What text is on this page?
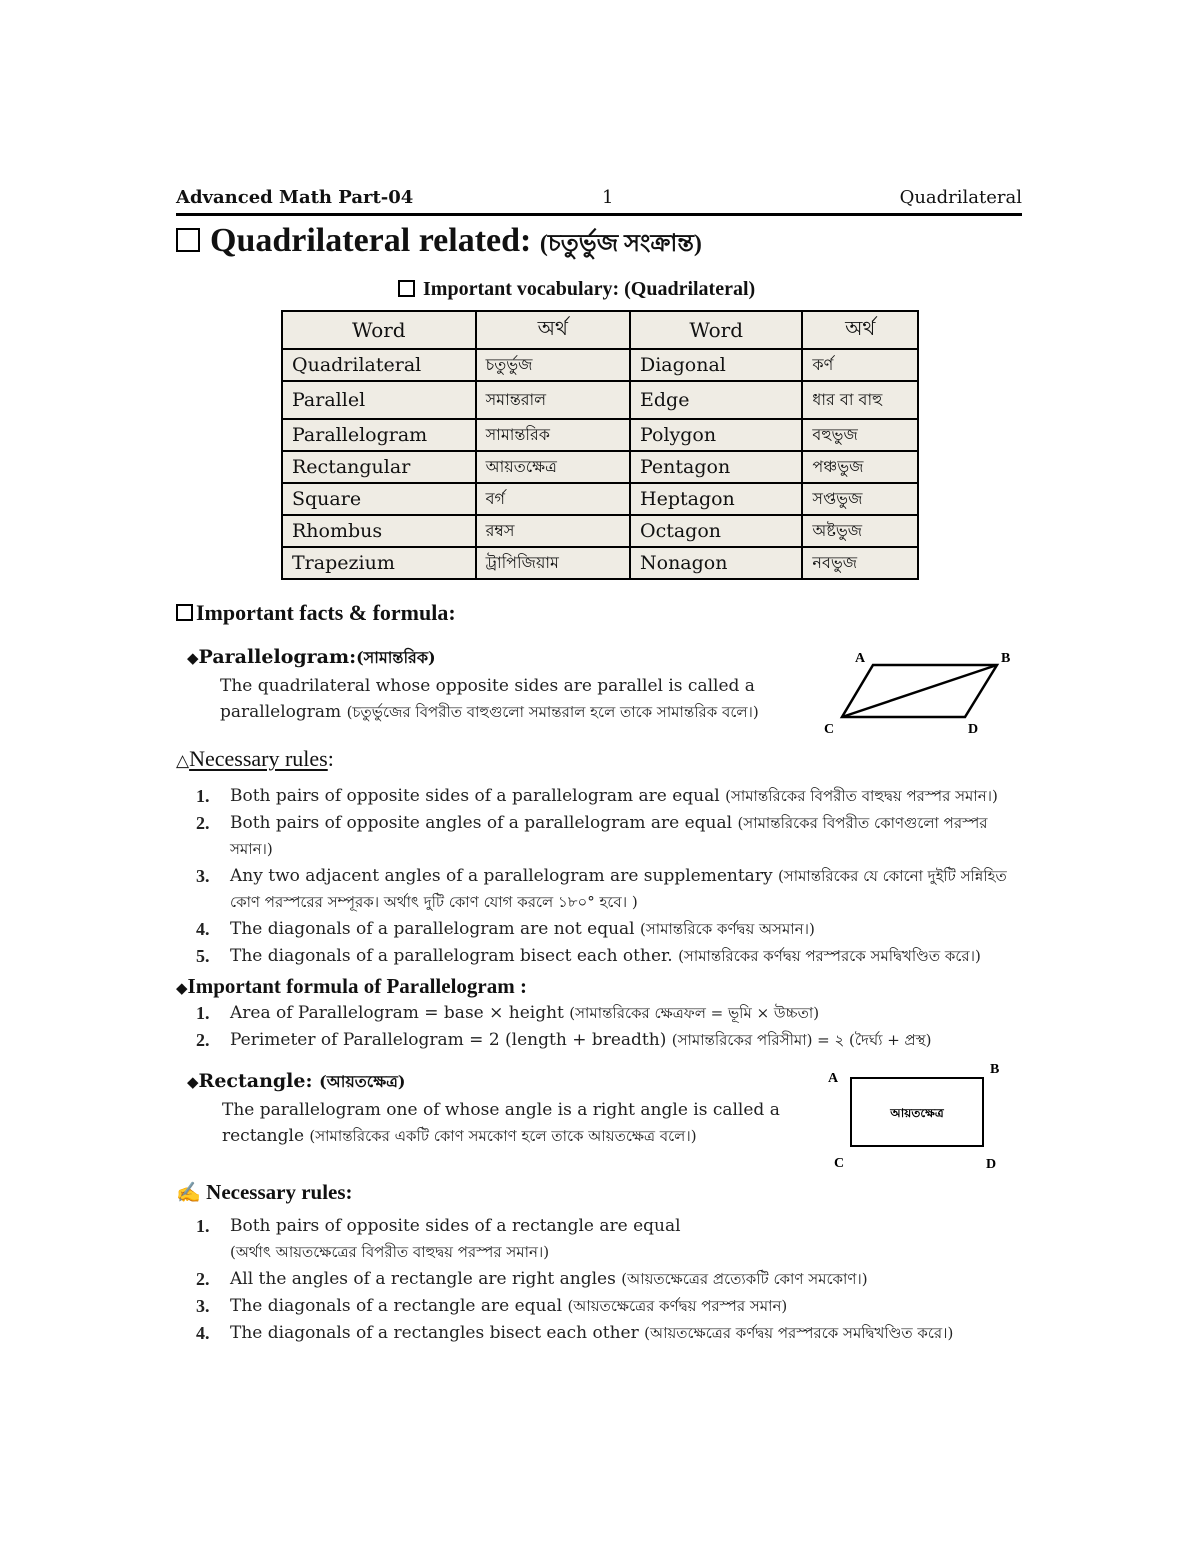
Advanced Math Part-04	1	Quadrilateral
Quadrilateral related: (চতুর্ভুজ সংক্রান্ত)
Important vocabulary: (Quadrilateral)
Word	অর্থ	Word	অর্থ
Quadrilateral	চতুর্ভুজ	Diagonal	কর্ণ
Parallel	সমান্তরাল	Edge	ধার বা বাহু
Parallelogram	সামান্তরিক	Polygon	বহুভুজ
Rectangular	আয়তক্ষেত্র	Pentagon	পঞ্চভুজ
Square	বর্গ	Heptagon	সপ্তভুজ
Rhombus	রম্বস	Octagon	অষ্টভুজ
Trapezium	ট্রাপিজিয়াম	Nonagon	নবভুজ
Important facts & formula:
◆Parallelogram:(সামান্তরিক)
The quadrilateral whose opposite sides are parallel is called a
parallelogram (চতুর্ভুজের বিপরীত বাহুগুলো সমান্তরাল হলে তাকে সামান্তরিক বলে।)
A	B
C	D
△Necessary rules:
1. Both pairs of opposite sides of a parallelogram are equal (সামান্তরিকের বিপরীত বাহুদ্বয় পরস্পর সমান।)
2. Both pairs of opposite angles of a parallelogram are equal (সামান্তরিকের বিপরীত কোণগুলো পরস্পর সমান।)
3. Any two adjacent angles of a parallelogram are supplementary (সামান্তরিকের যে কোনো দুইটি সন্নিহিত কোণ পরস্পরের সম্পূরক। অর্থাৎ দুটি কোণ যোগ করলে ১৮০° হবে। )
4. The diagonals of a parallelogram are not equal (সামান্তরিকে কর্ণদ্বয় অসমান।)
5. The diagonals of a parallelogram bisect each other. (সামান্তরিকের কর্ণদ্বয় পরস্পরকে সমদ্বিখণ্ডিত করে।)
◆Important formula of Parallelogram :
1. Area of Parallelogram = base × height (সামান্তরিকের ক্ষেত্রফল = ভূমি × উচ্চতা)
2. Perimeter of Parallelogram = 2 (length + breadth) (সামান্তরিকের পরিসীমা) = ২ (দৈর্ঘ্য + প্রস্থ)
◆Rectangle: (আয়তক্ষেত্র)
The parallelogram one of whose angle is a right angle is called a
rectangle (সামান্তরিকের একটি কোণ সমকোণ হলে তাকে আয়তক্ষেত্র বলে।)
আয়তক্ষেত্র
A
B
C	D
✍ Necessary rules:
1. Both pairs of opposite sides of a rectangle are equal
(অর্থাৎ আয়তক্ষেত্রের বিপরীত বাহুদ্বয় পরস্পর সমান।)
2. All the angles of a rectangle are right angles (আয়তক্ষেত্রের প্রত্যেকটি কোণ সমকোণ।)
3. The diagonals of a rectangle are equal (আয়তক্ষেত্রের কর্ণদ্বয় পরস্পর সমান)
4. The diagonals of a rectangles bisect each other (আয়তক্ষেত্রের কর্ণদ্বয় পরস্পরকে সমদ্বিখণ্ডিত করে।)
